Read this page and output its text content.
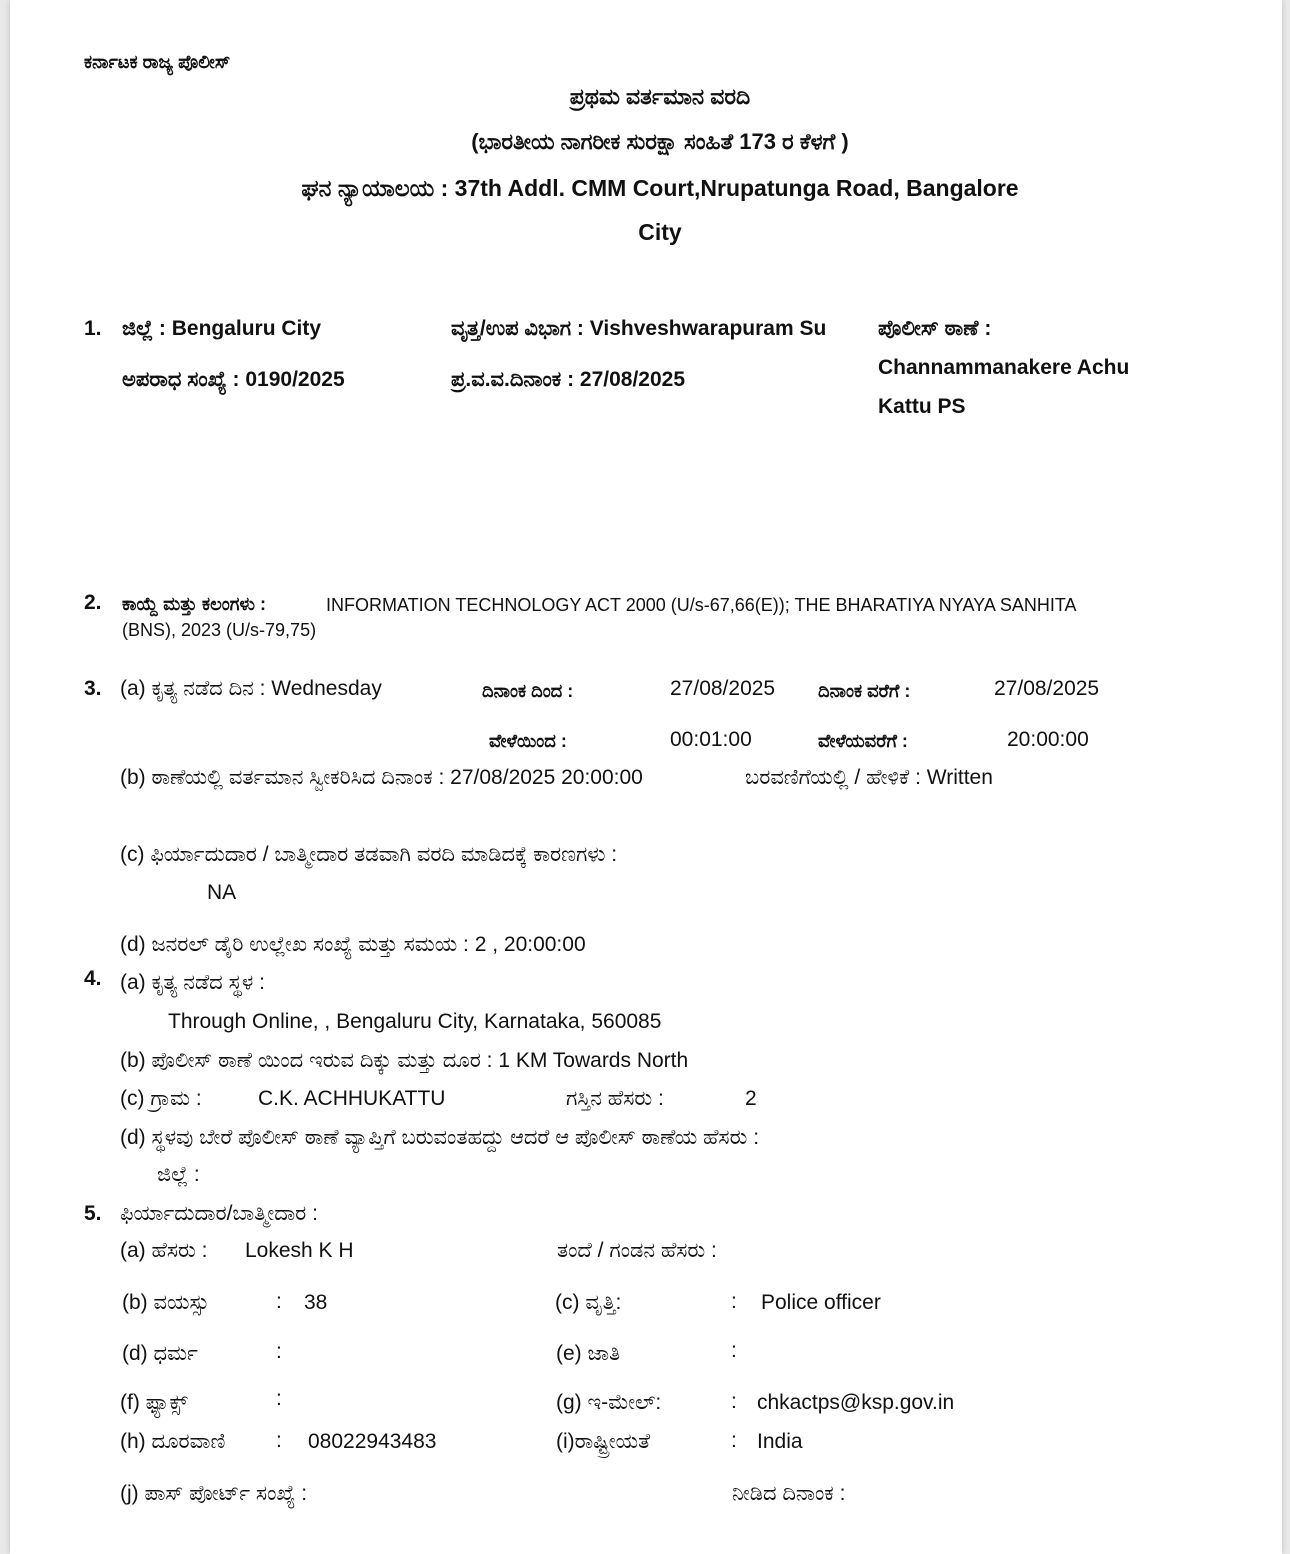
ಕರ್ನಾಟಕ ರಾಜ್ಯ ಪೊಲೀಸ್
ಪ್ರಥಮ ವರ್ತಮಾನ ವರದಿ
(ಭಾರತೀಯ ನಾಗರೀಕ ಸುರಕ್ಷಾ ಸಂಹಿತೆ 173 ರ ಕೆಳಗೆ )
ಘನ ನ್ಯಾಯಾಲಯ : 37th Addl. CMM Court,Nrupatunga Road, Bangalore
City
1. ಜಿಲ್ಲೆ : Bengaluru City	ವೃತ್ತ/ಉಪ ವಿಭಾಗ : Vishveshwarapuram Su ಪೊಲೀಸ್ ಠಾಣೆ :
Channammanakere Achu
Kattu PS
ಅಪರಾಧ ಸಂಖ್ಯೆ : 0190/2025	ಪ್ರ.ವ.ವ.ದಿನಾಂಕ : 27/08/2025
2. ಕಾಯ್ದೆ ಮತ್ತು ಕಲಂಗಳು :	INFORMATION TECHNOLOGY ACT 2000 (U/s-67,66(E)); THE BHARATIYA NYAYA SANHITA
(BNS), 2023 (U/s-79,75)
3. (a) ಕೃತ್ಯ ನಡೆದ ದಿನ : Wednesday	ದಿನಾಂಕ ದಿಂದ :	27/08/2025 ದಿನಾಂಕ ವರೆಗೆ :	27/08/2025
ವೇಳೆಯಿಂದ :	00:01:00	ವೇಳೆಯವರೆಗೆ :	20:00:00
(b) ಠಾಣೆಯಲ್ಲಿ ವರ್ತಮಾನ ಸ್ವೀಕರಿಸಿದ ದಿನಾಂಕ : 27/08/2025 20:00:00	ಬರವಣಿಗೆಯಲ್ಲಿ / ಹೇಳಿಕೆ : Written
(c) ಫಿರ್ಯಾದುದಾರ / ಬಾತ್ಮೀದಾರ ತಡವಾಗಿ ವರದಿ ಮಾಡಿದಕ್ಕೆ ಕಾರಣಗಳು :
NA
(d) ಜನರಲ್ ಡೈರಿ ಉಲ್ಲೇಖ ಸಂಖ್ಯೆ ಮತ್ತು ಸಮಯ : 2 , 20:00:00
4. (a) ಕೃತ್ಯ ನಡೆದ ಸ್ಥಳ :
Through Online, , Bengaluru City, Karnataka, 560085
(b) ಪೊಲೀಸ್ ಠಾಣೆ ಯಿಂದ ಇರುವ ದಿಕ್ಕು ಮತ್ತು ದೂರ : 1 KM Towards North
(c) ಗ್ರಾಮ :	C.K. ACHHUKATTU	ಗಸ್ತಿನ ಹೆಸರು :	2
(d) ಸ್ಥಳವು ಬೇರೆ ಪೊಲೀಸ್ ಠಾಣೆ ವ್ಯಾಪ್ತಿಗೆ ಬರುವಂತಹದ್ದು ಆದರೆ ಆ ಪೊಲೀಸ್ ಠಾಣೆಯ ಹೆಸರು :
ಜಿಲ್ಲೆ :
5. ಫಿರ್ಯಾದುದಾರ/ಬಾತ್ಮೀದಾರ :
(a) ಹೆಸರು : Lokesh K H	ತಂದೆ / ಗಂಡನ ಹೆಸರು :
(b) ವಯಸ್ಸು	: 38	(c) ವೃತ್ತಿ:	: Police officer
(d) ಧರ್ಮ	:	(e) ಜಾತಿ	:
(f) ಫ್ಯಾಕ್ಸ್	:	(g) ಇ-ಮೇಲ್:	: chkactps@ksp.gov.in
(h) ದೂರವಾಣಿ : 08022943483	(i)ರಾಷ್ಟ್ರೀಯತೆ	: India
(j) ಪಾಸ್ ಪೋರ್ಟ್ ಸಂಖ್ಯೆ :	ನೀಡಿದ ದಿನಾಂಕ :
